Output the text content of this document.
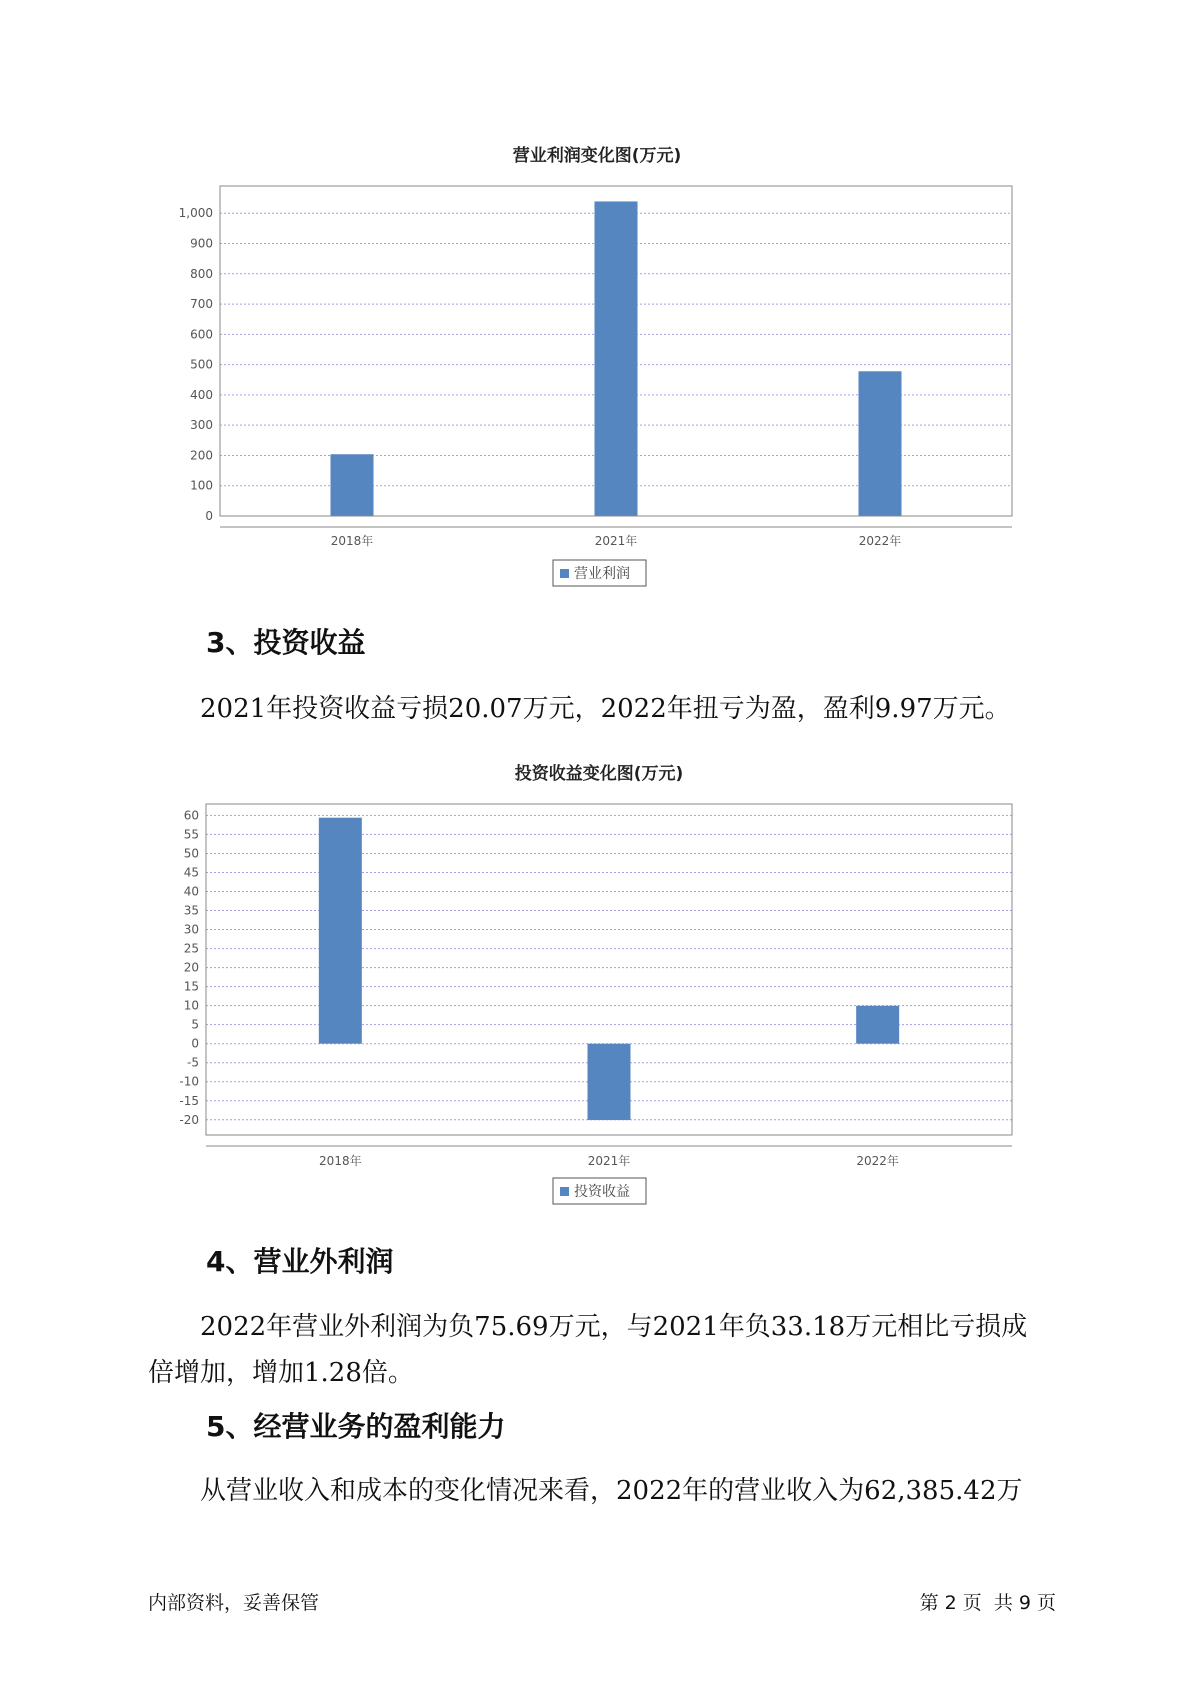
营业利润变化图(万元)
0
100
200
300
400
500
600
700
800
900
1,000
营业利润
2018年	2021年	2022年
3、投资收益

2021年投资收益亏损20.07万元，2022年扭亏为盈，盈利9.97万元。

投资收益变化图(万元)
-20
-15
-10
-5
0
5
10
15
20
25
30
35
40
45
50
55
60
投资收益
2018年	2021年	2022年
4、营业外利润

2022年营业外利润为负75.69万元，与2021年负33.18万元相比亏损成倍增加，增加1.28倍。

5、经营业务的盈利能力

从营业收入和成本的变化情况来看，2022年的营业收入为62,385.42万

内部资料，妥善保管	第 2 页  共 9 页
